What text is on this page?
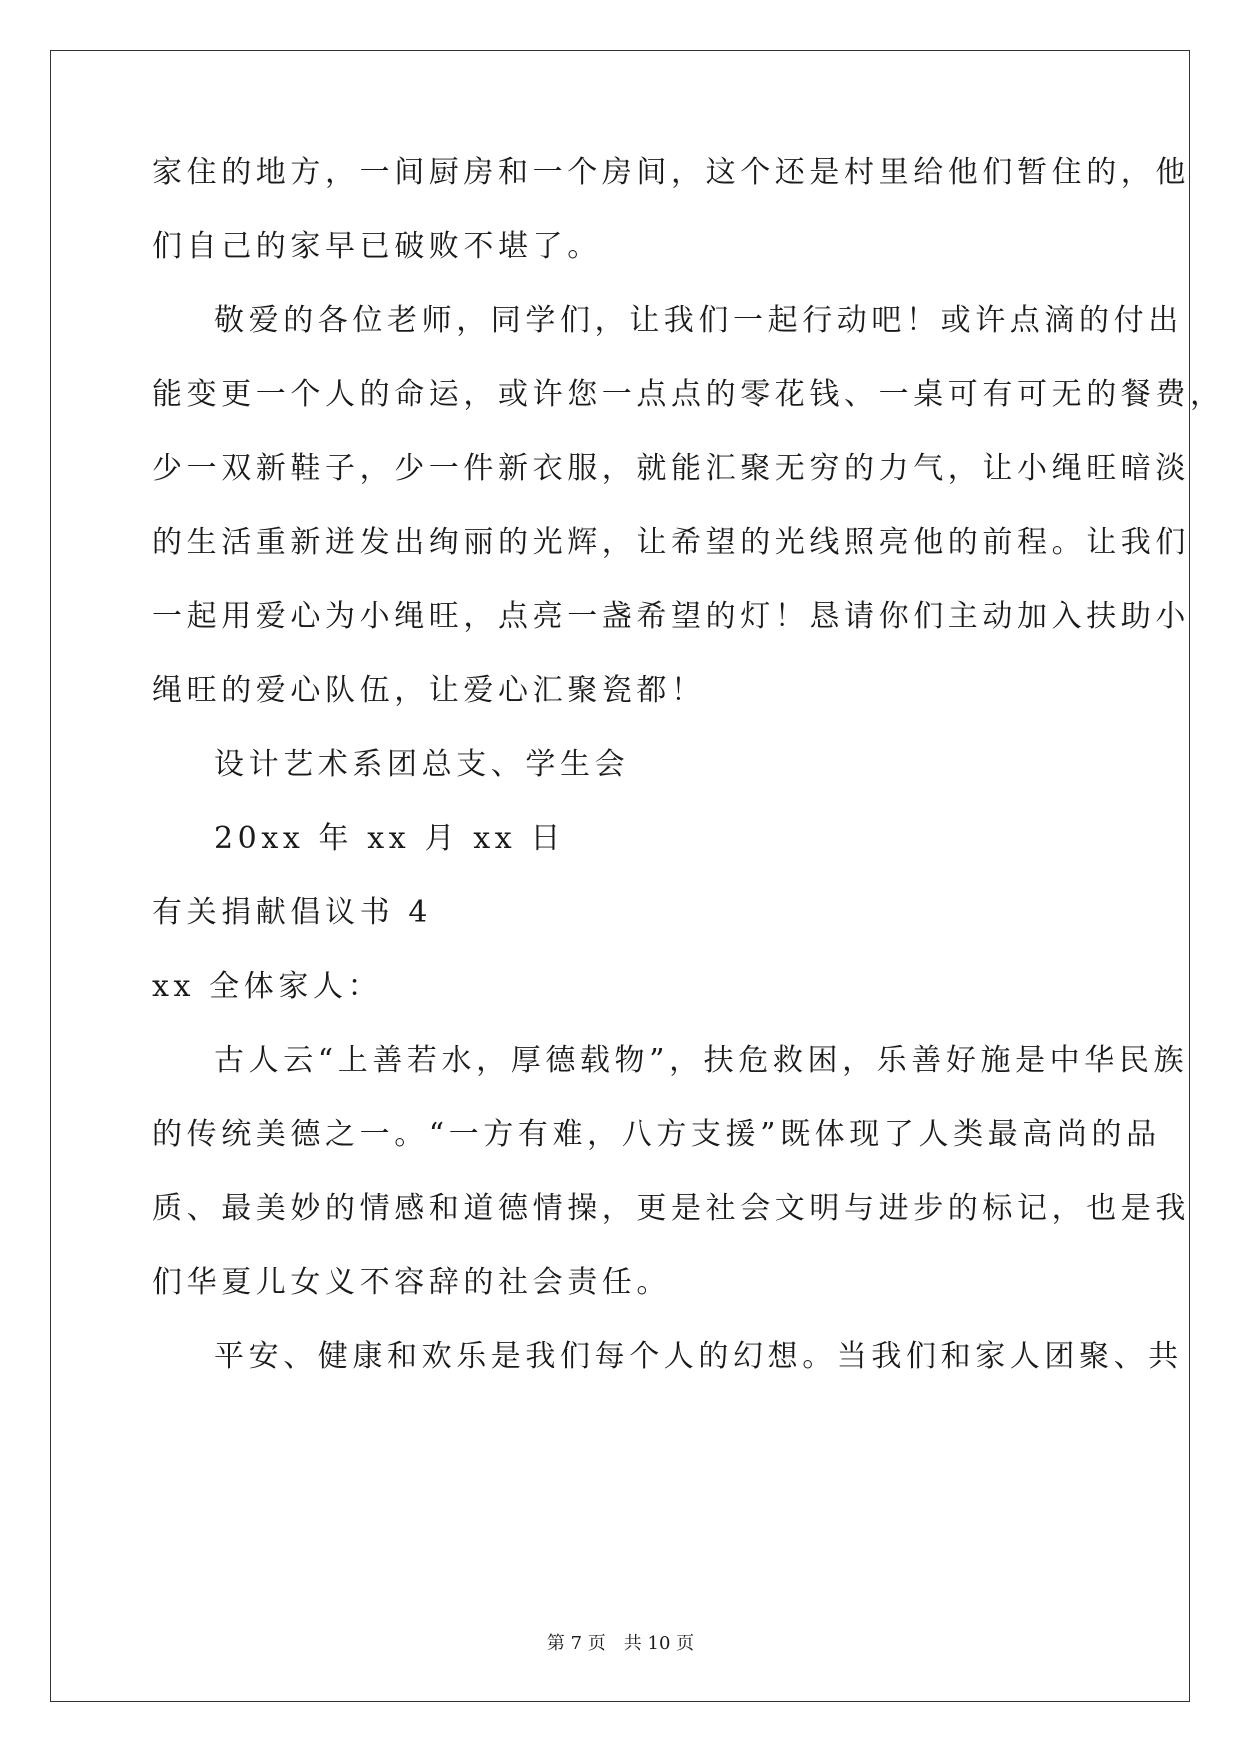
家住的地方，一间厨房和一个房间，这个还是村里给他们暂住的，他
们自己的家早已破败不堪了。
敬爱的各位老师，同学们，让我们一起行动吧！或许点滴的付出
能变更一个人的命运，或许您一点点的零花钱、一桌可有可无的餐费，
少一双新鞋子，少一件新衣服，就能汇聚无穷的力气，让小绳旺暗淡
的生活重新迸发出绚丽的光辉，让希望的光线照亮他的前程。让我们
一起用爱心为小绳旺，点亮一盏希望的灯！恳请你们主动加入扶助小
绳旺的爱心队伍，让爱心汇聚瓷都！
设计艺术系团总支、学生会
20xx 年 xx 月 xx 日
有关捐献倡议书 4
xx 全体家人：
古人云“上善若水，厚德载物”，扶危救困，乐善好施是中华民族
的传统美德之一。“一方有难，八方支援”既体现了人类最高尚的品
质、最美妙的情感和道德情操，更是社会文明与进步的标记，也是我
们华夏儿女义不容辞的社会责任。
平安、健康和欢乐是我们每个人的幻想。当我们和家人团聚、共
第 7 页　共 10 页
